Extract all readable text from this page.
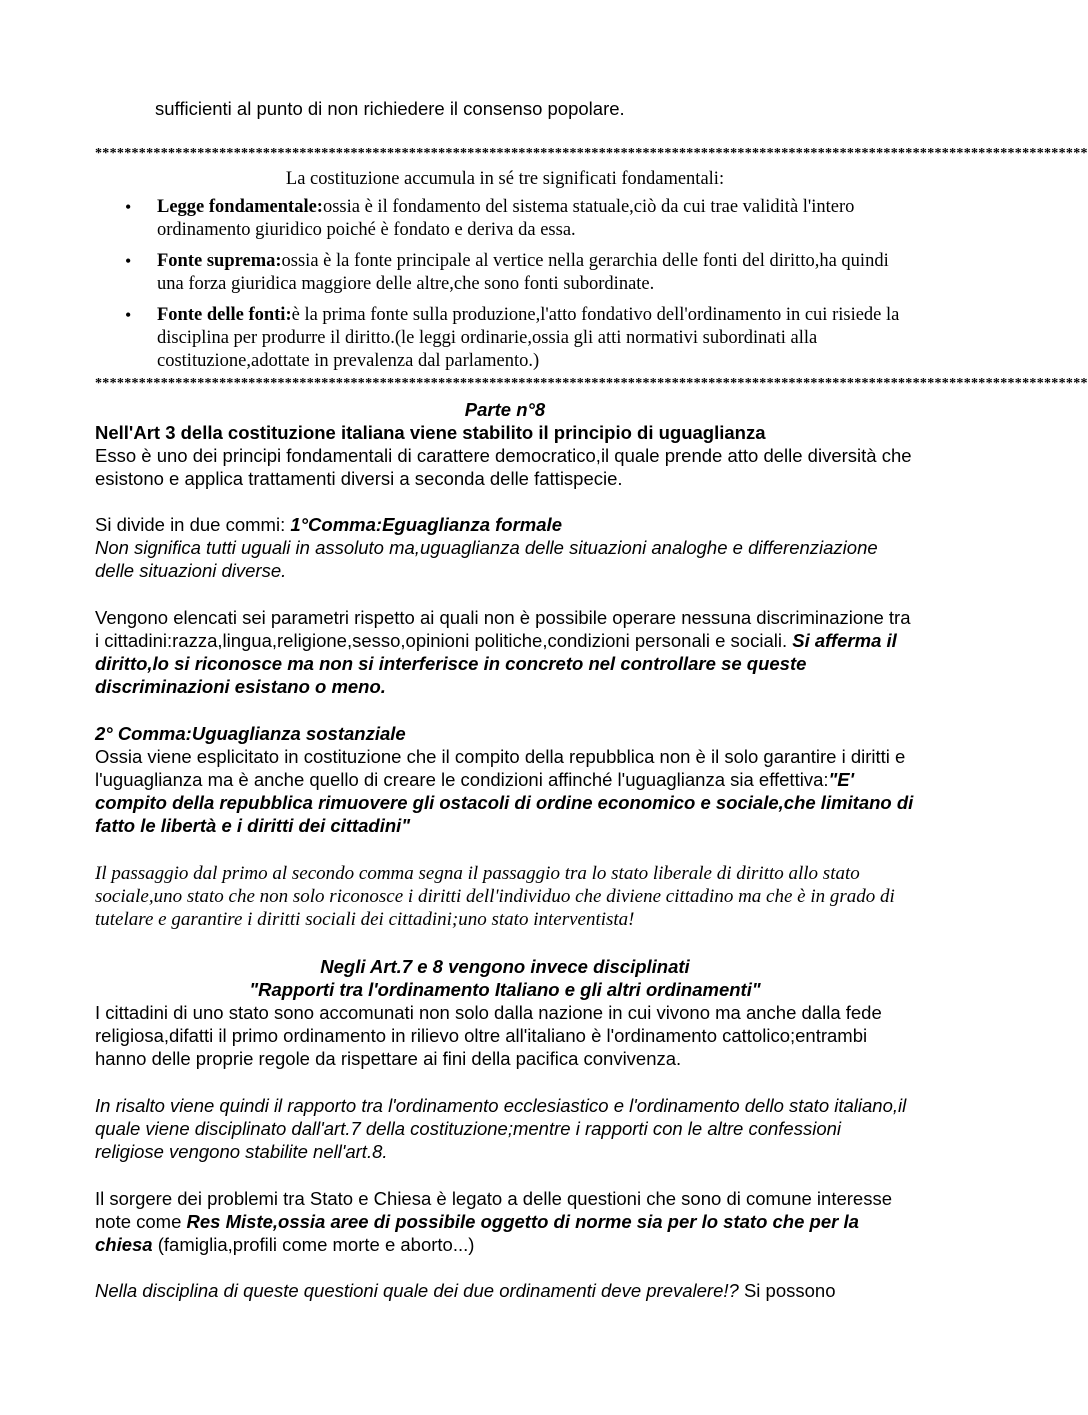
sufficienti al punto di non richiedere il consenso popolare.

****************************************************************************************************************************************

La costituzione accumula in sé tre significati fondamentali:

• Legge fondamentale:ossia è il fondamento del sistema statuale,ciò da cui trae validità l'intero ordinamento giuridico poiché è fondato e deriva da essa.
• Fonte suprema:ossia è la fonte principale al vertice nella gerarchia delle fonti del diritto,ha quindi una forza giuridica maggiore delle altre,che sono fonti subordinate.
• Fonte delle fonti:è la prima fonte sulla produzione,l'atto fondativo dell'ordinamento in cui risiede la disciplina per produrre il diritto.(le leggi ordinarie,ossia gli atti normativi subordinati alla costituzione,adottate in prevalenza dal parlamento.)
****************************************************************************************************************************************

Parte n°8

Nell'Art 3 della costituzione italiana viene stabilito il principio di uguaglianza

Esso è uno dei principi fondamentali di carattere democratico,il quale prende atto delle diversità che esistono e applica trattamenti diversi a seconda delle fattispecie.

Si divide in due commi: 1°Comma:Eguaglianza formale

Non significa tutti uguali in assoluto ma,uguaglianza delle situazioni analoghe e differenziazione delle situazioni diverse.

Vengono elencati sei parametri rispetto ai quali non è possibile operare nessuna discriminazione tra i cittadini:razza,lingua,religione,sesso,opinioni politiche,condizioni personali e sociali. Si afferma il diritto,lo si riconosce ma non si interferisce in concreto nel controllare se queste discriminazioni esistano o meno.

2° Comma:Uguaglianza sostanziale

Ossia viene esplicitato in costituzione che il compito della repubblica non è il solo garantire i diritti e l'uguaglianza ma è anche quello di creare le condizioni affinché l'uguaglianza sia effettiva:"E' compito della repubblica rimuovere gli ostacoli di ordine economico e sociale,che limitano di fatto le libertà e i diritti dei cittadini"

Il passaggio dal primo al secondo comma segna il passaggio tra lo stato liberale di diritto allo stato sociale,uno stato che non solo riconosce i diritti dell'individuo che diviene cittadino ma che è in grado di tutelare e garantire i diritti sociali dei cittadini;uno stato interventista!

Negli Art.7 e 8 vengono invece disciplinati

"Rapporti tra l'ordinamento Italiano e gli altri ordinamenti"

I cittadini di uno stato sono accomunati non solo dalla nazione in cui vivono ma anche dalla fede religiosa,difatti il primo ordinamento in rilievo oltre all'italiano è l'ordinamento cattolico;entrambi hanno delle proprie regole da rispettare ai fini della pacifica convivenza.

In risalto viene quindi il rapporto tra l'ordinamento ecclesiastico e l'ordinamento dello stato italiano,il quale viene disciplinato dall'art.7 della costituzione;mentre i rapporti con le altre confessioni religiose vengono stabilite nell'art.8.

Il sorgere dei problemi tra Stato e Chiesa è legato a delle questioni che sono di comune interesse note come Res Miste,ossia aree di possibile oggetto di norme sia per lo stato che per la chiesa (famiglia,profili come morte e aborto...)

Nella disciplina di queste questioni quale dei due ordinamenti deve prevalere!? Si possono
